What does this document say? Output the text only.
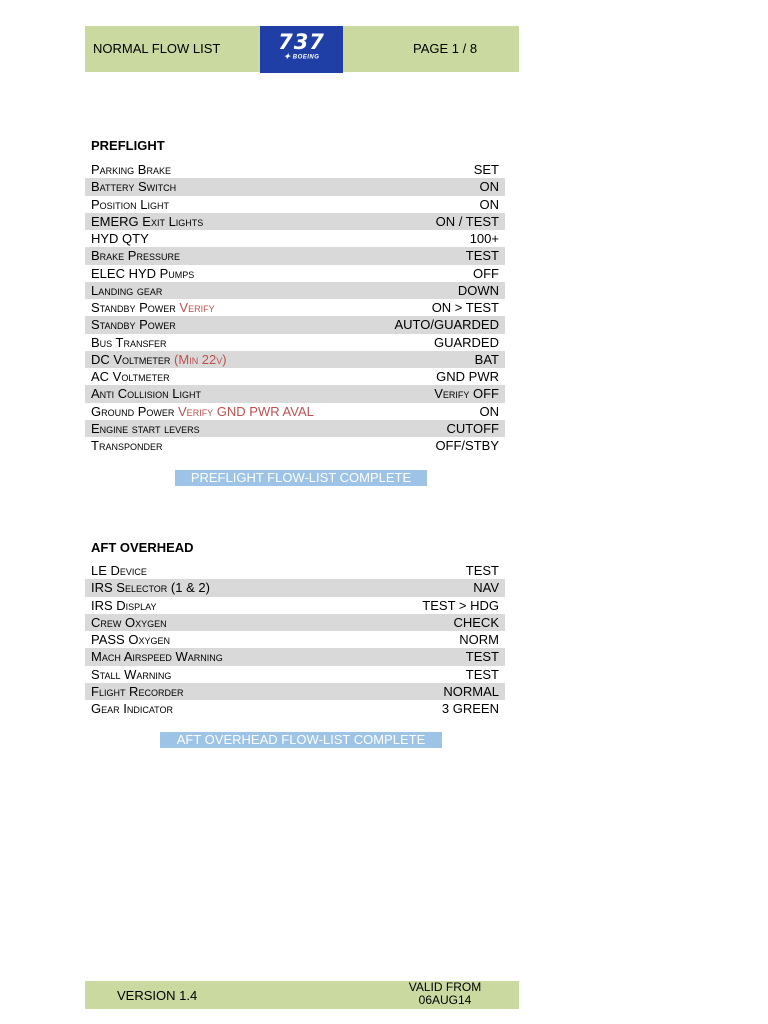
NORMAL FLOW LIST	737
✦ BOEING
PAGE 1 / 8
PREFLIGHT
Parking Brake	SET
Battery Switch	ON
Position Light	ON
EMERG Exit Lights	ON / TEST
HYD QTY	100+
Brake Pressure	TEST
ELEC HYD Pumps	OFF
Landing gear	DOWN
Standby Power Verify	ON > TEST
Standby Power	AUTO/GUARDED
Bus Transfer	GUARDED
DC Voltmeter (Min 22v)	BAT
AC Voltmeter	GND PWR
Anti Collision Light	Verify OFF
Ground Power Verify GND PWR AVAL	ON
Engine start levers	CUTOFF
Transponder	OFF/STBY
PREFLIGHT FLOW-LIST COMPLETE
AFT OVERHEAD
LE Device	TEST
IRS Selector (1 & 2)	NAV
IRS Display	TEST > HDG
Crew Oxygen	CHECK
PASS Oxygen	NORM
Mach Airspeed Warning	TEST
Stall Warning	TEST
Flight Recorder	NORMAL
Gear Indicator	3 GREEN
AFT OVERHEAD FLOW-LIST COMPLETE
VERSION 1.4
VALID FROM
06AUG14
